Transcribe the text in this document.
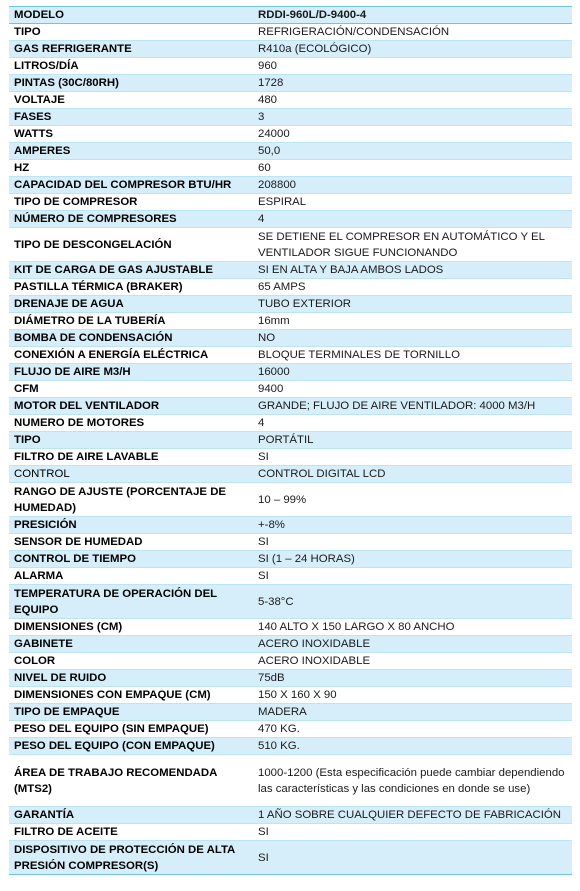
MODELO	RDDI-960L/D-9400-4
TIPO	REFRIGERACIÓN/CONDENSACIÓN
GAS REFRIGERANTE	R410a (ECOLÓGICO)
LITROS/DÍA	960
PINTAS (30C/80RH)	1728
VOLTAJE	480
FASES	3
WATTS	24000
AMPERES	50,0
HZ	60
CAPACIDAD DEL COMPRESOR BTU/HR	208800
TIPO DE COMPRESOR	ESPIRAL
NÚMERO DE COMPRESORES	4
TIPO DE DESCONGELACIÓN	SE DETIENE EL COMPRESOR EN AUTOMÁTICO Y EL VENTILADOR SIGUE FUNCIONANDO
KIT DE CARGA DE GAS AJUSTABLE	SI EN ALTA Y BAJA AMBOS LADOS
PASTILLA TÉRMICA (BRAKER)	65 AMPS
DRENAJE DE AGUA	TUBO EXTERIOR
DIÁMETRO DE LA TUBERÍA	16mm
BOMBA DE CONDENSACIÓN	NO
CONEXIÓN A ENERGÍA ELÉCTRICA	BLOQUE TERMINALES DE TORNILLO
FLUJO DE AIRE M3/H	16000
CFM	9400
MOTOR DEL VENTILADOR	GRANDE; FLUJO DE AIRE VENTILADOR: 4000 M3/H
NUMERO DE MOTORES	4
TIPO	PORTÁTIL
FILTRO DE AIRE LAVABLE	SI
CONTROL	CONTROL DIGITAL LCD
RANGO DE AJUSTE (PORCENTAJE DE HUMEDAD)	10 – 99%
PRESICIÓN	+-8%
SENSOR DE HUMEDAD	SI
CONTROL DE TIEMPO	SI (1 – 24 HORAS)
ALARMA	SI
TEMPERATURA DE OPERACIÓN DEL EQUIPO	5-38°C
DIMENSIONES (CM)	140 ALTO X 150 LARGO X 80 ANCHO
GABINETE	ACERO INOXIDABLE
COLOR	ACERO INOXIDABLE
NIVEL DE RUIDO	75dB
DIMENSIONES CON EMPAQUE (CM)	150 X 160 X 90
TIPO DE EMPAQUE	MADERA
PESO DEL EQUIPO (SIN EMPAQUE)	470 KG.
PESO DEL EQUIPO (CON EMPAQUE)	510 KG.
ÁREA DE TRABAJO RECOMENDADA (MTS2)	1000-1200 (Esta especificación puede cambiar dependiendo las características y las condiciones en donde se use)
GARANTÍA	1 AÑO SOBRE CUALQUIER DEFECTO DE FABRICACIÓN
FILTRO DE ACEITE	SI
DISPOSITIVO DE PROTECCIÓN DE ALTA PRESIÓN COMPRESOR(S)	SI
